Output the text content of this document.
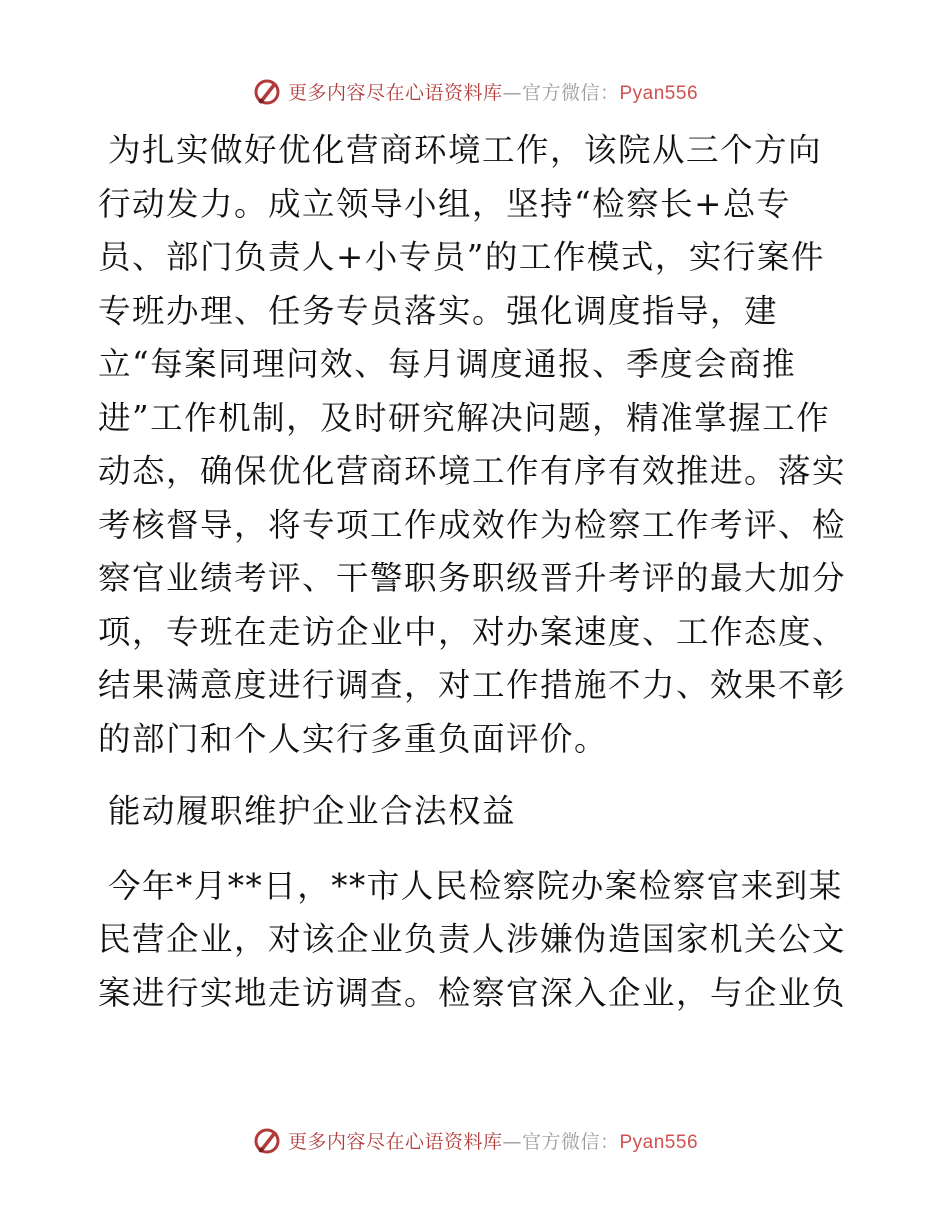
更多内容尽在心语资料库—官方微信：Pyan556

为扎实做好优化营商环境工作，该院从三个方向行动发力。成立领导小组，坚持“检察长+总专员、部门负责人+小专员”的工作模式，实行案件专班办理、任务专员落实。强化调度指导，建立“每案同理问效、每月调度通报、季度会商推进”工作机制，及时研究解决问题，精准掌握工作动态，确保优化营商环境工作有序有效推进。落实考核督导，将专项工作成效作为检察工作考评、检察官业绩考评、干警职务职级晋升考评的最大加分项，专班在走访企业中，对办案速度、工作态度、结果满意度进行调查，对工作措施不力、效果不彰的部门和个人实行多重负面评价。

能动履职维护企业合法权益

今年*月**日，**市人民检察院办案检察官来到某民营企业，对该企业负责人涉嫌伪造国家机关公文案进行实地走访调查。检察官深入企业，与企业负

更多内容尽在心语资料库—官方微信：Pyan556
